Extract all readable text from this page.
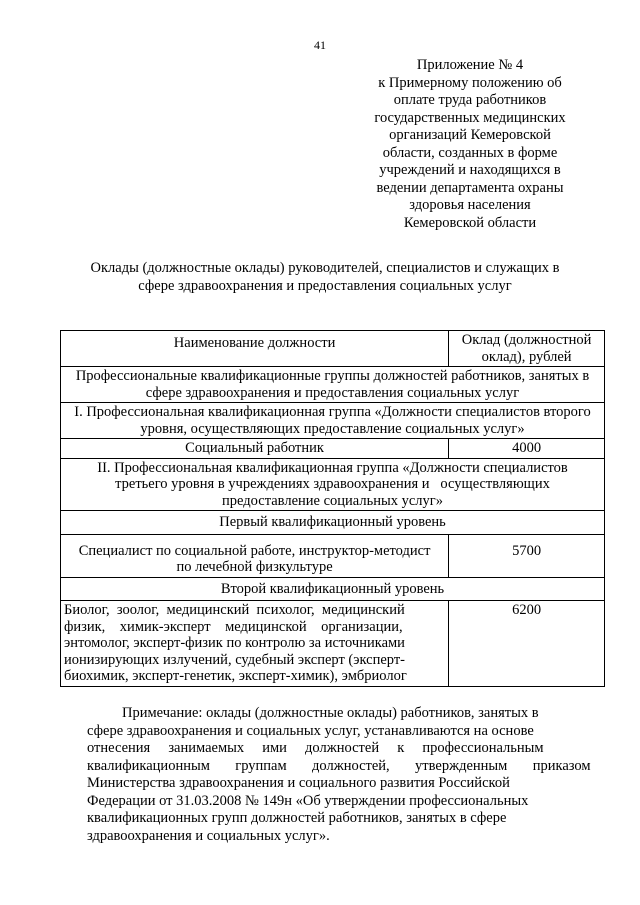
41
Приложение № 4
к Примерному положению об
оплате труда работников
государственных медицинских
организаций Кемеровской
области, созданных в форме
учреждений и находящихся в
ведении департамента охраны
здоровья населения
Кемеровской области
Оклады (должностные оклады) руководителей, специалистов и служащих в
сфере здравоохранения и предоставления социальных услуг
Наименование должности	Оклад (должностной
оклад), рублей

Профессиональные квалификационные группы должностей работников, занятых в
сфере здравоохранения и предоставления социальных услуг	

I. Профессиональная квалификационная группа «Должности специалистов второго
уровня, осуществляющих предоставление социальных услуг»	

Социальный работник	4000

II. Профессиональная квалификационная группа «Должности специалистов
третьего уровня в учреждениях здравоохранения и   осуществляющих
предоставление социальных услуг»	

Первый квалификационный уровень	

Специалист по социальной работе, инструктор-методист
по лечебной физкультуре	5700

Второй квалификационный уровень	

Биолог,  зоолог,  медицинский  психолог,  медицинский
физик,    химик-эксперт    медицинской    организации,
энтомолог, эксперт-физик по контролю за источниками
ионизирующих излучений, судебный эксперт (эксперт-
биохимик, эксперт-генетик, эксперт-химик), эмбриолог	6200
Примечание: оклады (должностные оклады) работников, занятых в
сфере здравоохранения и социальных услуг, устанавливаются на основе
отнесения     занимаемых     ими     должностей     к     профессиональным
квалификационным       группам       должностей,       утвержденным       приказом
Министерства здравоохранения и социального развития Российской
Федерации от 31.03.2008 № 149н «Об утверждении профессиональных
квалификационных групп должностей работников, занятых в сфере
здравоохранения и социальных услуг».
